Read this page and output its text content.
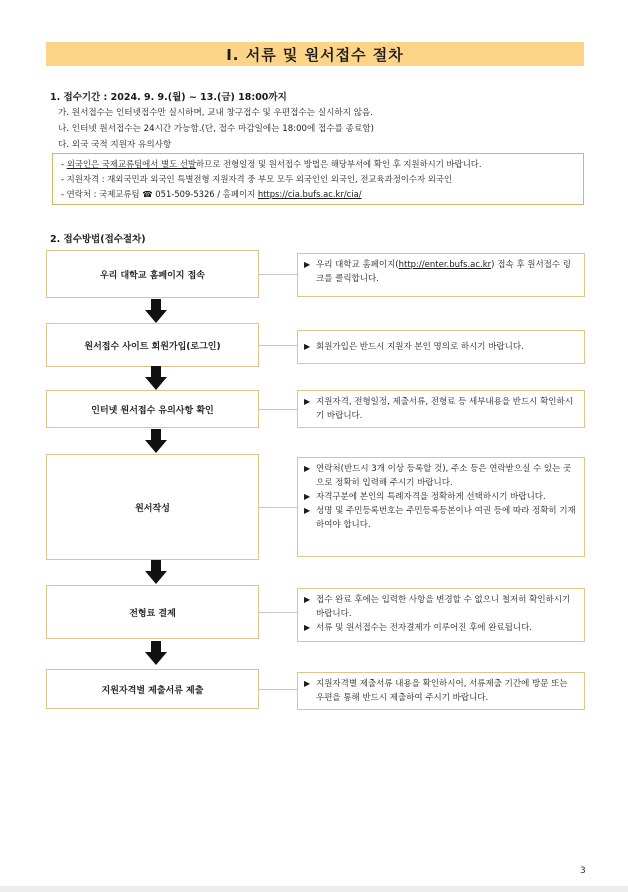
Ⅰ. 서류 및 원서접수 절차
1. 접수기간 : 2024. 9. 9.(월) ~ 13.(금) 18:00까지
가. 원서접수는 인터넷접수만 실시하며, 교내 창구접수 및 우편접수는 실시하지 않음.
나. 인터넷 원서접수는 24시간 가능함.(단, 접수 마감일에는 18:00에 접수를 종료함)
다. 외국 국적 지원자 유의사항
- 외국인은 국제교류팀에서 별도 선발하므로 전형일정 및 원서접수 방법은 해당부서에 확인 후 지원하시기 바랍니다.
- 지원자격 : 재외국민과 외국인 특별전형 지원자격 중 부모 모두 외국인인 외국인, 전교육과정이수자 외국인
- 연락처 : 국제교류팀 ☎ 051-509-5326 / 홈페이지 https://cia.bufs.ac.kr/cia/
2. 접수방법(접수절차)
우리 대학교 홈페이지 접속
▶ 우리 대학교 홈페이지(http://enter.bufs.ac.kr) 접속 후 원서접수 링크를 클릭합니다.
원서접수 사이트 회원가입(로그인)	▶ 회원가입은 반드시 지원자 본인 명의로 하시기 바랍니다.
인터넷 원서접수 유의사항 확인
▶ 지원자격, 전형일정, 제출서류, 전형료 등 세부내용을 반드시 확인하시기 바랍니다.
원서작성
▶ 연락처(반드시 3개 이상 등록할 것), 주소 등은 연락받으실 수 있는 곳으로 정확히 입력해 주시기 바랍니다.
▶ 자격구분에 본인의 특례자격을 정확하게 선택하시기 바랍니다.
▶ 성명 및 주민등록번호는 주민등록등본이나 여권 등에 따라 정확히 기재하여야 합니다.
전형료 결제
▶ 접수 완료 후에는 입력한 사항을 변경할 수 없으니 철저히 확인하시기 바랍니다.
▶ 서류 및 원서접수는 전자결제가 이루어진 후에 완료됩니다.
지원자격별 제출서류 제출
▶ 지원자격별 제출서류 내용을 확인하시어, 서류제출 기간에 방문 또는 우편을 통해 반드시 제출하여 주시기 바랍니다.
3
